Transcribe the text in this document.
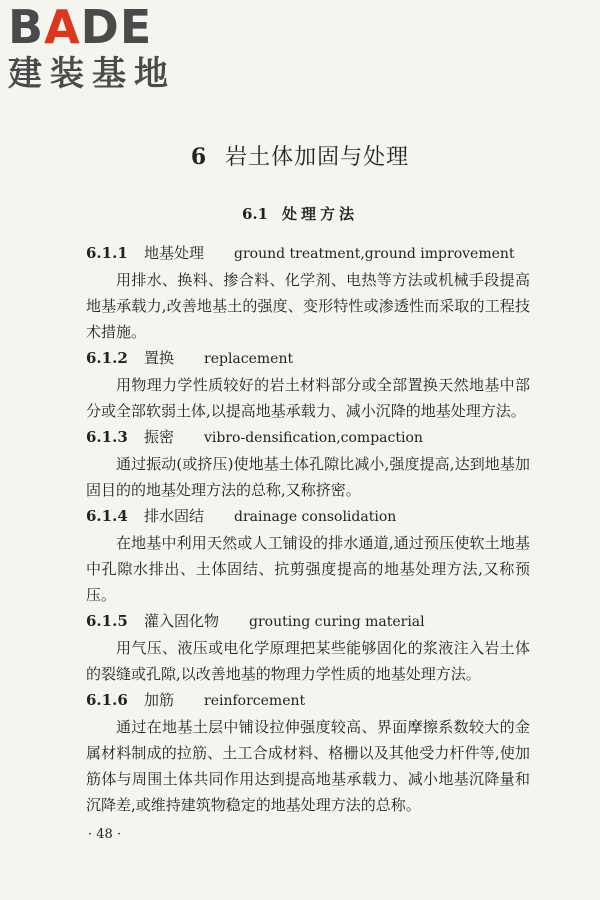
BADE
建装基地
6 岩土体加固与处理
6.1 处理方法

6.1.1 地基处理 ground treatment,ground improvement

用排水、换料、掺合料、化学剂、电热等方法或机械手段提高地基承载力,改善地基土的强度、变形特性或渗透性而采取的工程技术措施。

6.1.2 置换 replacement

用物理力学性质较好的岩土材料部分或全部置换天然地基中部分或全部软弱土体,以提高地基承载力、减小沉降的地基处理方法。

6.1.3 振密 vibro-densification,compaction

通过振动(或挤压)使地基土体孔隙比减小,强度提高,达到地基加固目的的地基处理方法的总称,又称挤密。

6.1.4 排水固结 drainage consolidation

在地基中利用天然或人工铺设的排水通道,通过预压使软土地基中孔隙水排出、土体固结、抗剪强度提高的地基处理方法,又称预压。

6.1.5 灌入固化物 grouting curing material

用气压、液压或电化学原理把某些能够固化的浆液注入岩土体的裂缝或孔隙,以改善地基的物理力学性质的地基处理方法。

6.1.6 加筋 reinforcement

通过在地基土层中铺设拉伸强度较高、界面摩擦系数较大的金属材料制成的拉筋、土工合成材料、格栅以及其他受力杆件等,使加筋体与周围土体共同作用达到提高地基承载力、减小地基沉降量和沉降差,或维持建筑物稳定的地基处理方法的总称。

· 48 ·
